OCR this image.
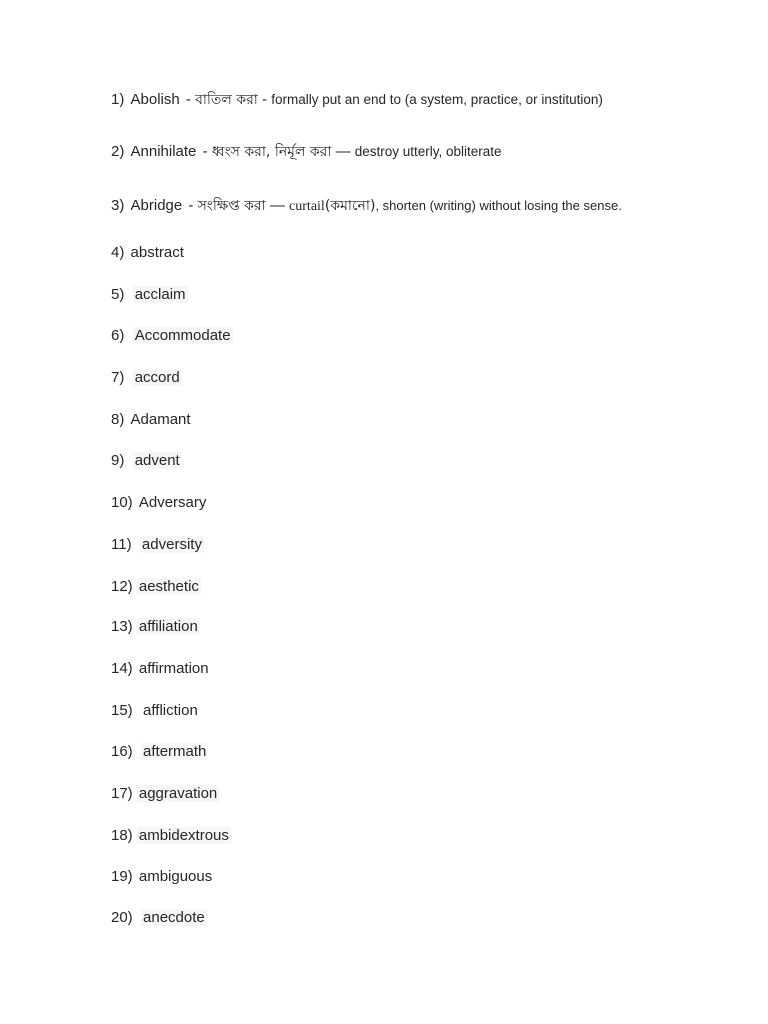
1) Abolish - বাতিল করা - formally put an end to (a system, practice, or institution)
2) Annihilate - ধ্বংস করা, নির্মূল করা — destroy utterly, obliterate
3) Abridge - সংক্ষিপ্ত করা — curtail(কমানো), shorten (writing) without losing the sense.
4) abstract
5) acclaim
6) Accommodate
7) accord
8) Adamant
9) advent
10) Adversary
11) adversity
12) aesthetic
13) affiliation
14) affirmation
15) affliction
16) aftermath
17) aggravation
18) ambidextrous
19) ambiguous
20) anecdote
